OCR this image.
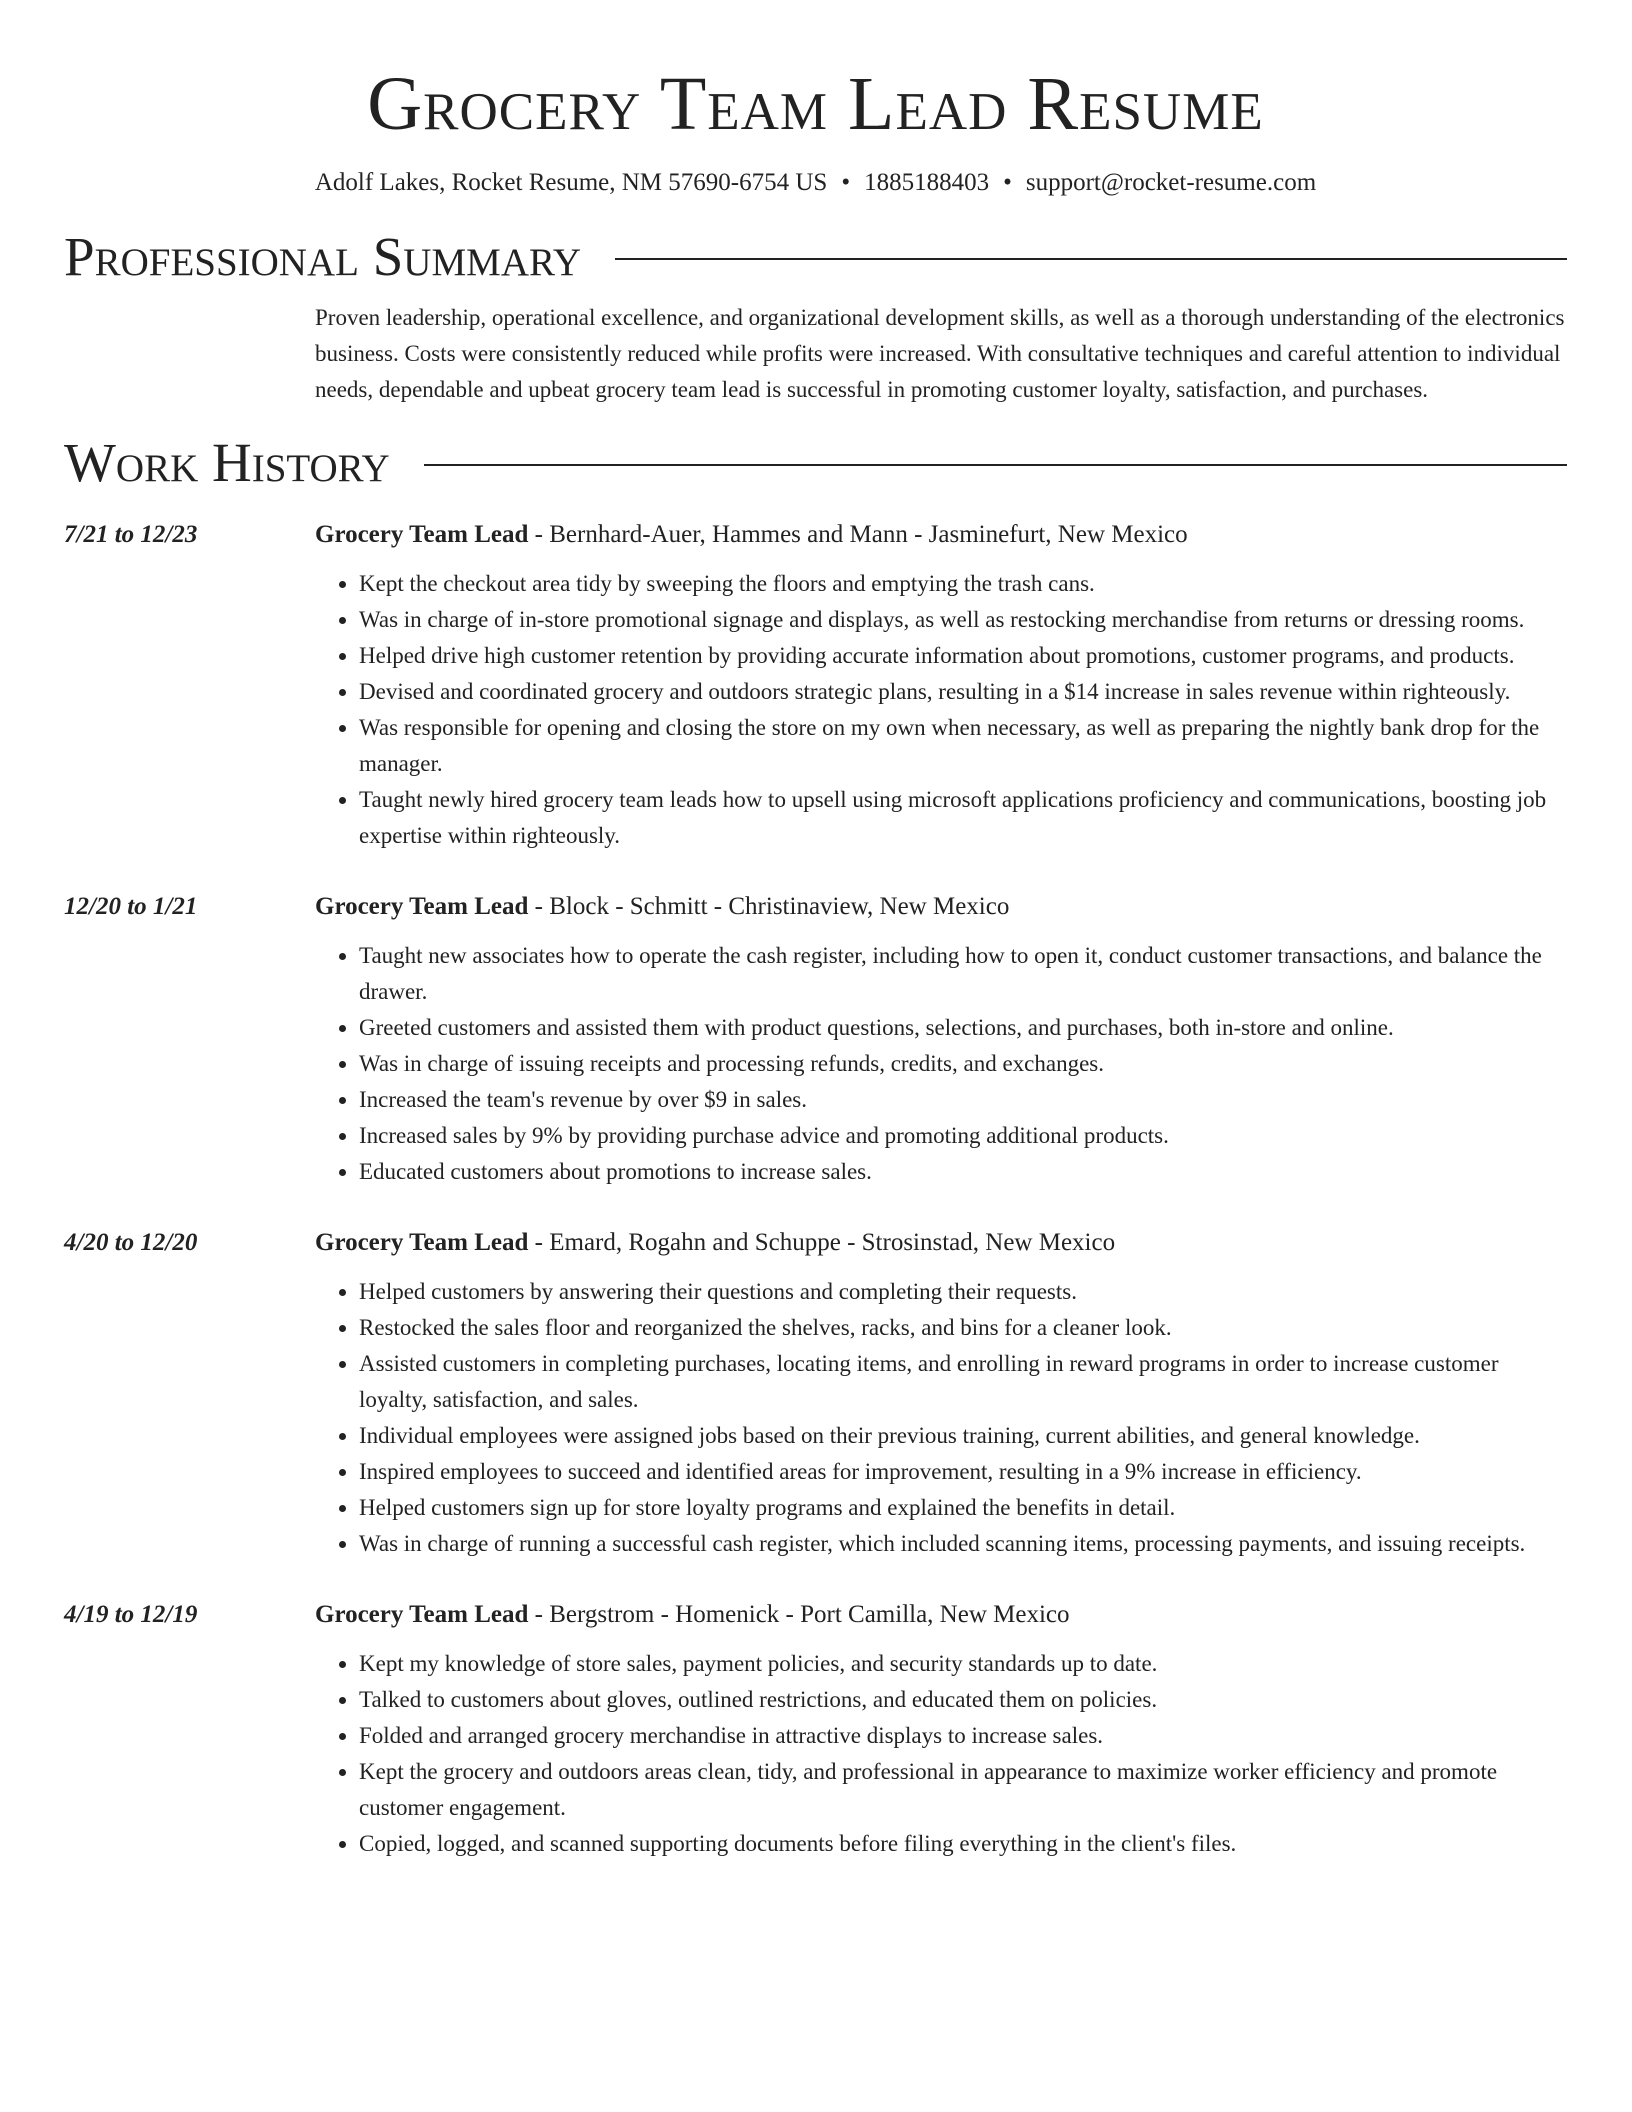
Grocery Team Lead Resume
Adolf Lakes, Rocket Resume, NM 57690-6754 US • 1885188403 • support@rocket-resume.com
Professional Summary

Proven leadership, operational excellence, and organizational development skills, as well as a thorough understanding of the electronics business. Costs were consistently reduced while profits were increased. With consultative techniques and careful attention to individual needs, dependable and upbeat grocery team lead is successful in promoting customer loyalty, satisfaction, and purchases.

Work History
7/21 to 12/23	Grocery Team Lead - Bernhard-Auer, Hammes and Mann - Jasminefurt, New Mexico
• Kept the checkout area tidy by sweeping the floors and emptying the trash cans.
• Was in charge of in-store promotional signage and displays, as well as restocking merchandise from returns or dressing rooms.
• Helped drive high customer retention by providing accurate information about promotions, customer programs, and products.
• Devised and coordinated grocery and outdoors strategic plans, resulting in a $14 increase in sales revenue within righteously.
• Was responsible for opening and closing the store on my own when necessary, as well as preparing the nightly bank drop for the manager.
• Taught newly hired grocery team leads how to upsell using microsoft applications proficiency and communications, boosting job expertise within righteously.
12/20 to 1/21	Grocery Team Lead - Block - Schmitt - Christinaview, New Mexico
• Taught new associates how to operate the cash register, including how to open it, conduct customer transactions, and balance the drawer.
• Greeted customers and assisted them with product questions, selections, and purchases, both in-store and online.
• Was in charge of issuing receipts and processing refunds, credits, and exchanges.
• Increased the team's revenue by over $9 in sales.
• Increased sales by 9% by providing purchase advice and promoting additional products.
• Educated customers about promotions to increase sales.
4/20 to 12/20	Grocery Team Lead - Emard, Rogahn and Schuppe - Strosinstad, New Mexico
• Helped customers by answering their questions and completing their requests.
• Restocked the sales floor and reorganized the shelves, racks, and bins for a cleaner look.
• Assisted customers in completing purchases, locating items, and enrolling in reward programs in order to increase customer loyalty, satisfaction, and sales.
• Individual employees were assigned jobs based on their previous training, current abilities, and general knowledge.
• Inspired employees to succeed and identified areas for improvement, resulting in a 9% increase in efficiency.
• Helped customers sign up for store loyalty programs and explained the benefits in detail.
• Was in charge of running a successful cash register, which included scanning items, processing payments, and issuing receipts.
4/19 to 12/19	Grocery Team Lead - Bergstrom - Homenick - Port Camilla, New Mexico
• Kept my knowledge of store sales, payment policies, and security standards up to date.
• Talked to customers about gloves, outlined restrictions, and educated them on policies.
• Folded and arranged grocery merchandise in attractive displays to increase sales.
• Kept the grocery and outdoors areas clean, tidy, and professional in appearance to maximize worker efficiency and promote customer engagement.
• Copied, logged, and scanned supporting documents before filing everything in the client's files.
